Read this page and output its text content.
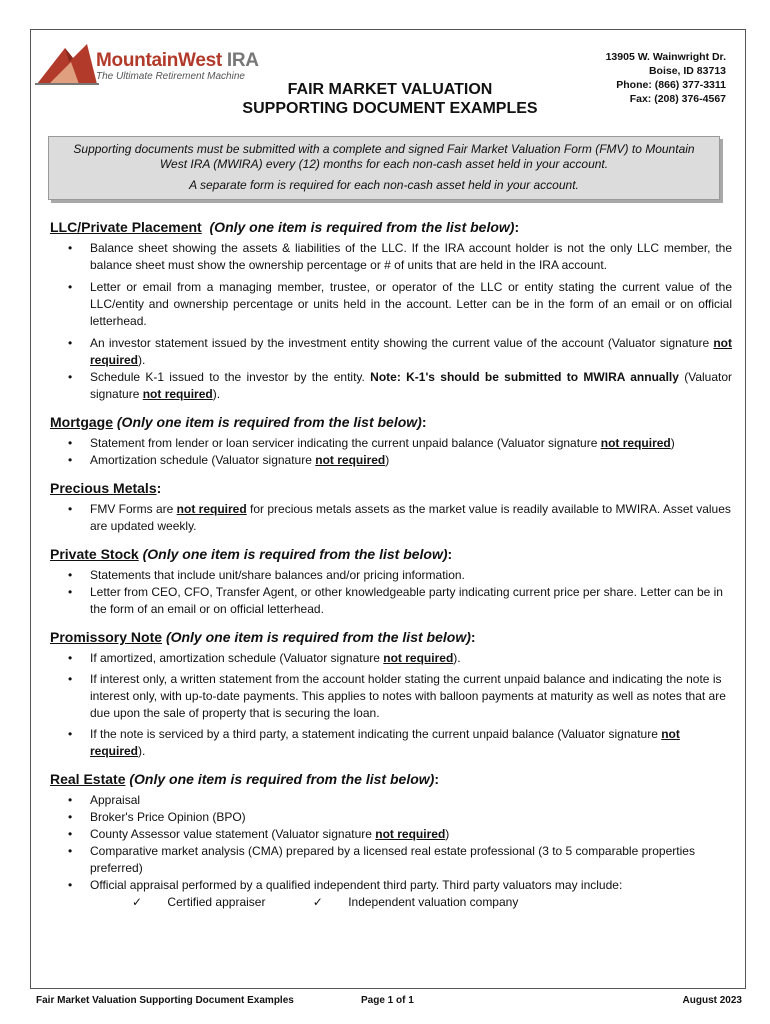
MountainWest IRA
The Ultimate Retirement Machine
FAIR MARKET VALUATION
SUPPORTING DOCUMENT EXAMPLES
13905 W. Wainwright Dr.
Boise, ID 83713
Phone: (866) 377-3311
Fax: (208) 376-4567

Supporting documents must be submitted with a complete and signed Fair Market Valuation Form (FMV) to Mountain West IRA (MWIRA) every (12) months for each non-cash asset held in your account.

A separate form is required for each non-cash asset held in your account.

LLC/Private Placement (Only one item is required from the list below):
• Balance sheet showing the assets & liabilities of the LLC. If the IRA account holder is not the only LLC member, the balance sheet must show the ownership percentage or # of units that are held in the IRA account.
• Letter or email from a managing member, trustee, or operator of the LLC or entity stating the current value of the LLC/entity and ownership percentage or units held in the account. Letter can be in the form of an email or on official letterhead.
• An investor statement issued by the investment entity showing the current value of the account (Valuator signature not required).
• Schedule K-1 issued to the investor by the entity. Note: K-1's should be submitted to MWIRA annually (Valuator signature not required).
Mortgage (Only one item is required from the list below):
• Statement from lender or loan servicer indicating the current unpaid balance (Valuator signature not required)
• Amortization schedule (Valuator signature not required)
Precious Metals:
• FMV Forms are not required for precious metals assets as the market value is readily available to MWIRA. Asset values are updated weekly.
Private Stock (Only one item is required from the list below):
• Statements that include unit/share balances and/or pricing information.
• Letter from CEO, CFO, Transfer Agent, or other knowledgeable party indicating current price per share. Letter can be in the form of an email or on official letterhead.
Promissory Note (Only one item is required from the list below):
• If amortized, amortization schedule (Valuator signature not required).
• If interest only, a written statement from the account holder stating the current unpaid balance and indicating the note is interest only, with up-to-date payments. This applies to notes with balloon payments at maturity as well as notes that are due upon the sale of property that is securing the loan.
• If the note is serviced by a third party, a statement indicating the current unpaid balance (Valuator signature not required).
Real Estate (Only one item is required from the list below):
• Appraisal
• Broker's Price Opinion (BPO)
• County Assessor value statement (Valuator signature not required)
• Comparative market analysis (CMA) prepared by a licensed real estate professional (3 to 5 comparable properties preferred)
• Official appraisal performed by a qualified independent third party. Third party valuators may include:
✓ Certified appraiser	✓ Independent valuation company
Fair Market Valuation Supporting Document Examples	Page 1 of 1	August 2023
